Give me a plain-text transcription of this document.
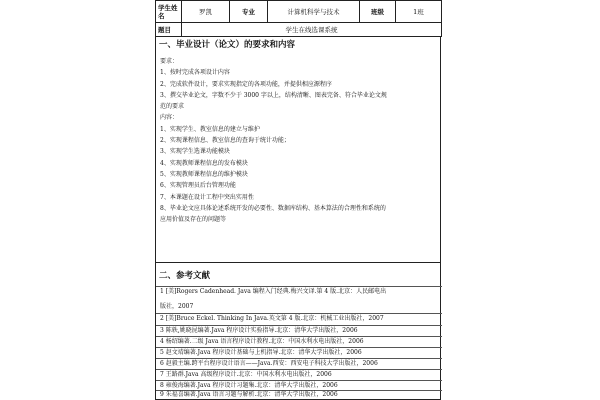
学生姓名	罗凯	专业	计算机科学与技术	班级	1班
题目	学生在线选课系统				
一、毕业设计（论文）的要求和内容
要求：
1、按时完成各项设计内容
2、完成软件设计，要求实现指定的各项功能，并提供相应源程序
3、撰交毕业论文，字数不少于 3000 字以上，结构清晰、图表完备、符合毕业论文规
范的要求
内容：
1、实现学生、教室信息的建立与维护
2、实现课程信息、教室信息的查询于统计功能；
3、实现学生选课功能模块
4、实现教师课程信息的发布模块
5、实现教师课程信息的维护模块
6、实现管理员后台管理功能
7、本课题在设计工程中突出实用性
8、毕业论文应具体论述系统开发的必要性、数据库结构、基本算法的合理性和系统的
应用价值及存在的问题等
二、参考文献
1 [美]Rogers Cadenhead. Java 编程入门经典.梅兴文译.第 4 版.北京：人民邮电出
版社，2007
2 [美]Bruce Eckel. Thinking In Java.英文第 4 版.北京：机械工业出版社，2007
3 陈轶,姚晓昆编著.Java 程序设计实验指导.北京：清华大学出版社，2006
4 杨绍编著.二级 Java 语言程序设计教程.北京：中国水利水电出版社，2006
5 赵文靖编著.Java 程序设计基础与上机指导.北京：清华大学出版社，2006
6 赵毅主编.跨平台程序设计语言——Java.西安：西安电子科技大学出版社，2006
7 王路群.Java 高级程序设计.北京：中国水利水电出版社，2006
8 雍俊海编著.Java 程序设计习题集.北京：清华大学出版社，2006
9 朱福喜编著.Java 语言习题与解析.北京：清华大学出版社，2006
